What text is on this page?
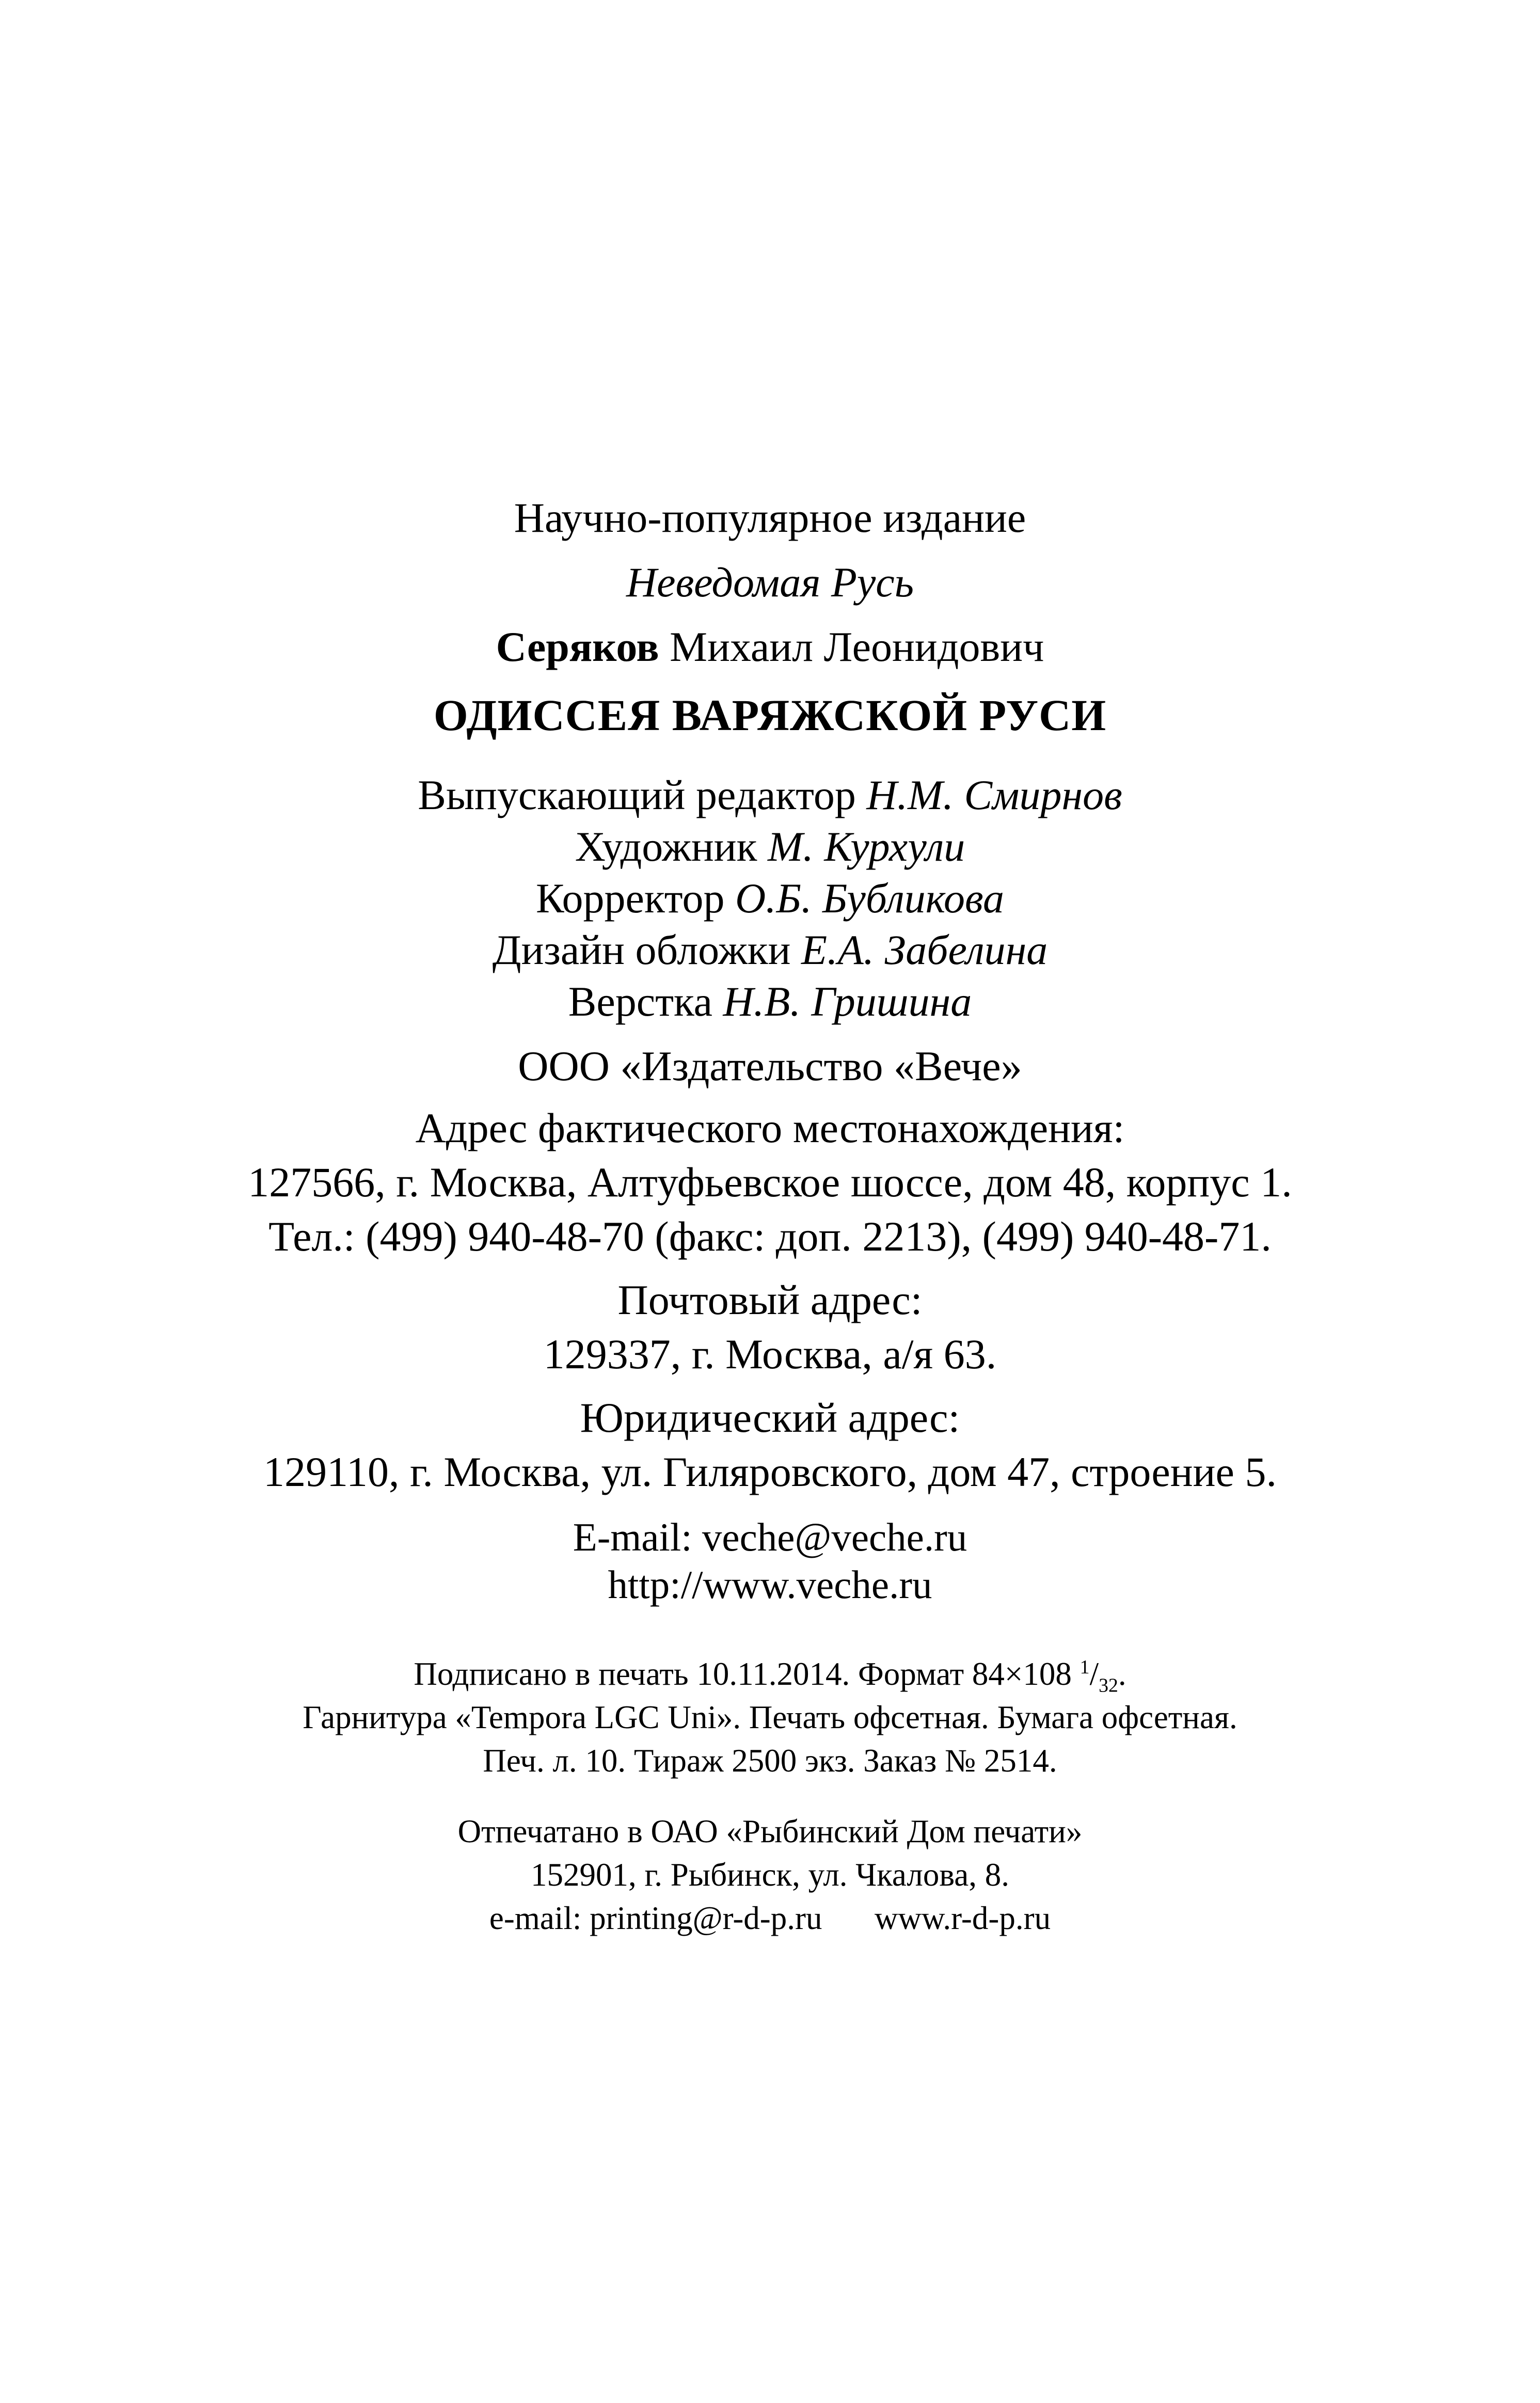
Научно-популярное издание
Неведомая Русь
Серяков Михаил Леонидович
ОДИССЕЯ ВАРЯЖСКОЙ РУСИ
Выпускающий редактор Н.М. Смирнов
Художник М. Курхули
Корректор О.Б. Бубликова
Дизайн обложки Е.А. Забелина
Верстка Н.В. Гришина
ООО «Издательство «Вече»
Адрес фактического местонахождения:
127566, г. Москва, Алтуфьевское шоссе, дом 48, корпус 1.
Тел.: (499) 940-48-70 (факс: доп. 2213), (499) 940-48-71.
Почтовый адрес:
129337, г. Москва, а/я 63.
Юридический адрес:
129110, г. Москва, ул. Гиляровского, дом 47, строение 5.
E-mail: veche@veche.ru
http://www.veche.ru
Подписано в печать 10.11.2014. Формат 84×108 $^1/_{32}$.
Гарнитура «Tempora LGC Uni». Печать офсетная. Бумага офсетная.
Печ. л. 10. Тираж 2500 экз. Заказ № 2514.
Отпечатано в ОАО «Рыбинский Дом печати»
152901, г. Рыбинск, ул. Чкалова, 8.
e-mail: printing@r-d-p.ru www.r-d-p.ru
